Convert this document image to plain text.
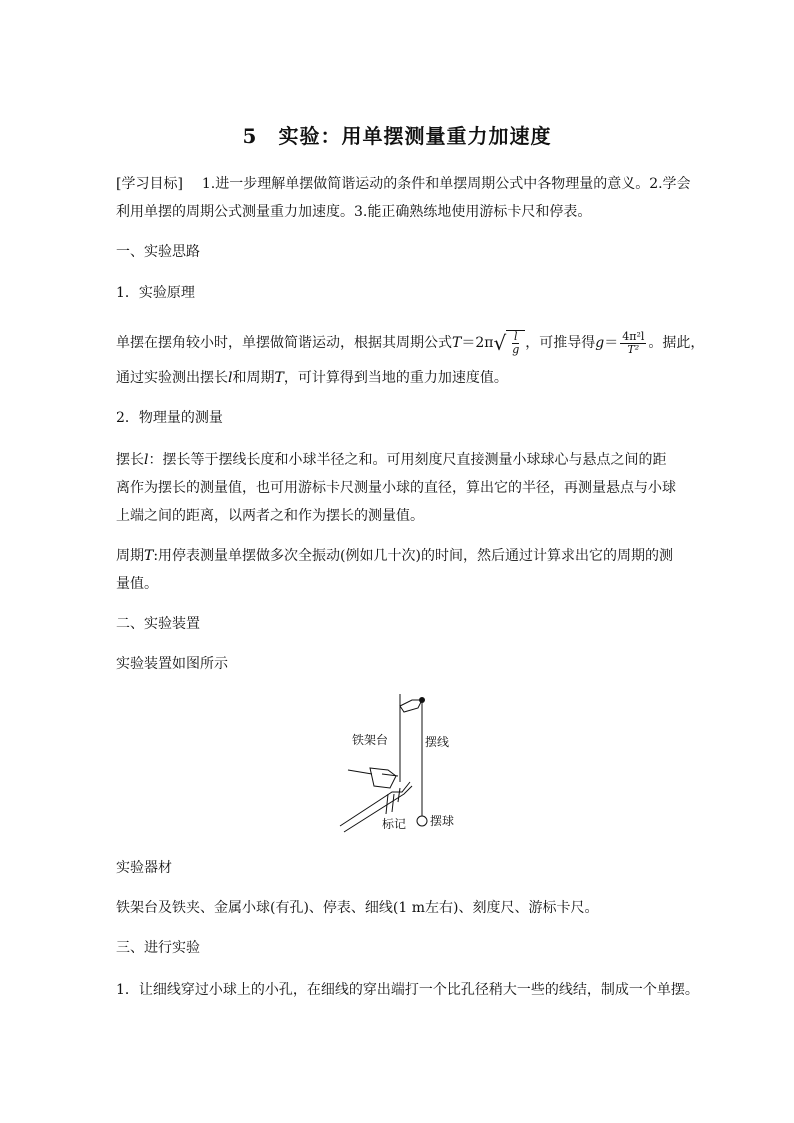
5　实验：用单摆测量重力加速度
[学习目标] 1.进一步理解单摆做简谐运动的条件和单摆周期公式中各物理量的意义。2.学会
利用单摆的周期公式测量重力加速度。3.能正确熟练地使用游标卡尺和停表。
一、实验思路
1．实验原理
单摆在摆角较小时，单摆做简谐运动，根据其周期公式T＝2π √ $\frac{l}{g}$ ，可推导得$g= \frac{\text{4π²l}}{\text{T²}}$ 。据此，
通过实验测出摆长l和周期T，可计算得到当地的重力加速度值。
2．物理量的测量
摆长l：摆长等于摆线长度和小球半径之和。可用刻度尺直接测量小球球心与悬点之间的距
离作为摆长的测量值，也可用游标卡尺测量小球的直径，算出它的半径，再测量悬点与小球
上端之间的距离，以两者之和作为摆长的测量值。
周期T:用停表测量单摆做多次全振动(例如几十次)的时间，然后通过计算求出它的周期的测
量值。
二、实验装置
实验装置如图所示
铁架台	摆线
标记 摆球
实验器材
铁架台及铁夹、金属小球(有孔)、停表、细线(1 m左右)、刻度尺、游标卡尺。
三、进行实验
1．让细线穿过小球上的小孔，在细线的穿出端打一个比孔径稍大一些的线结，制成一个单摆。
